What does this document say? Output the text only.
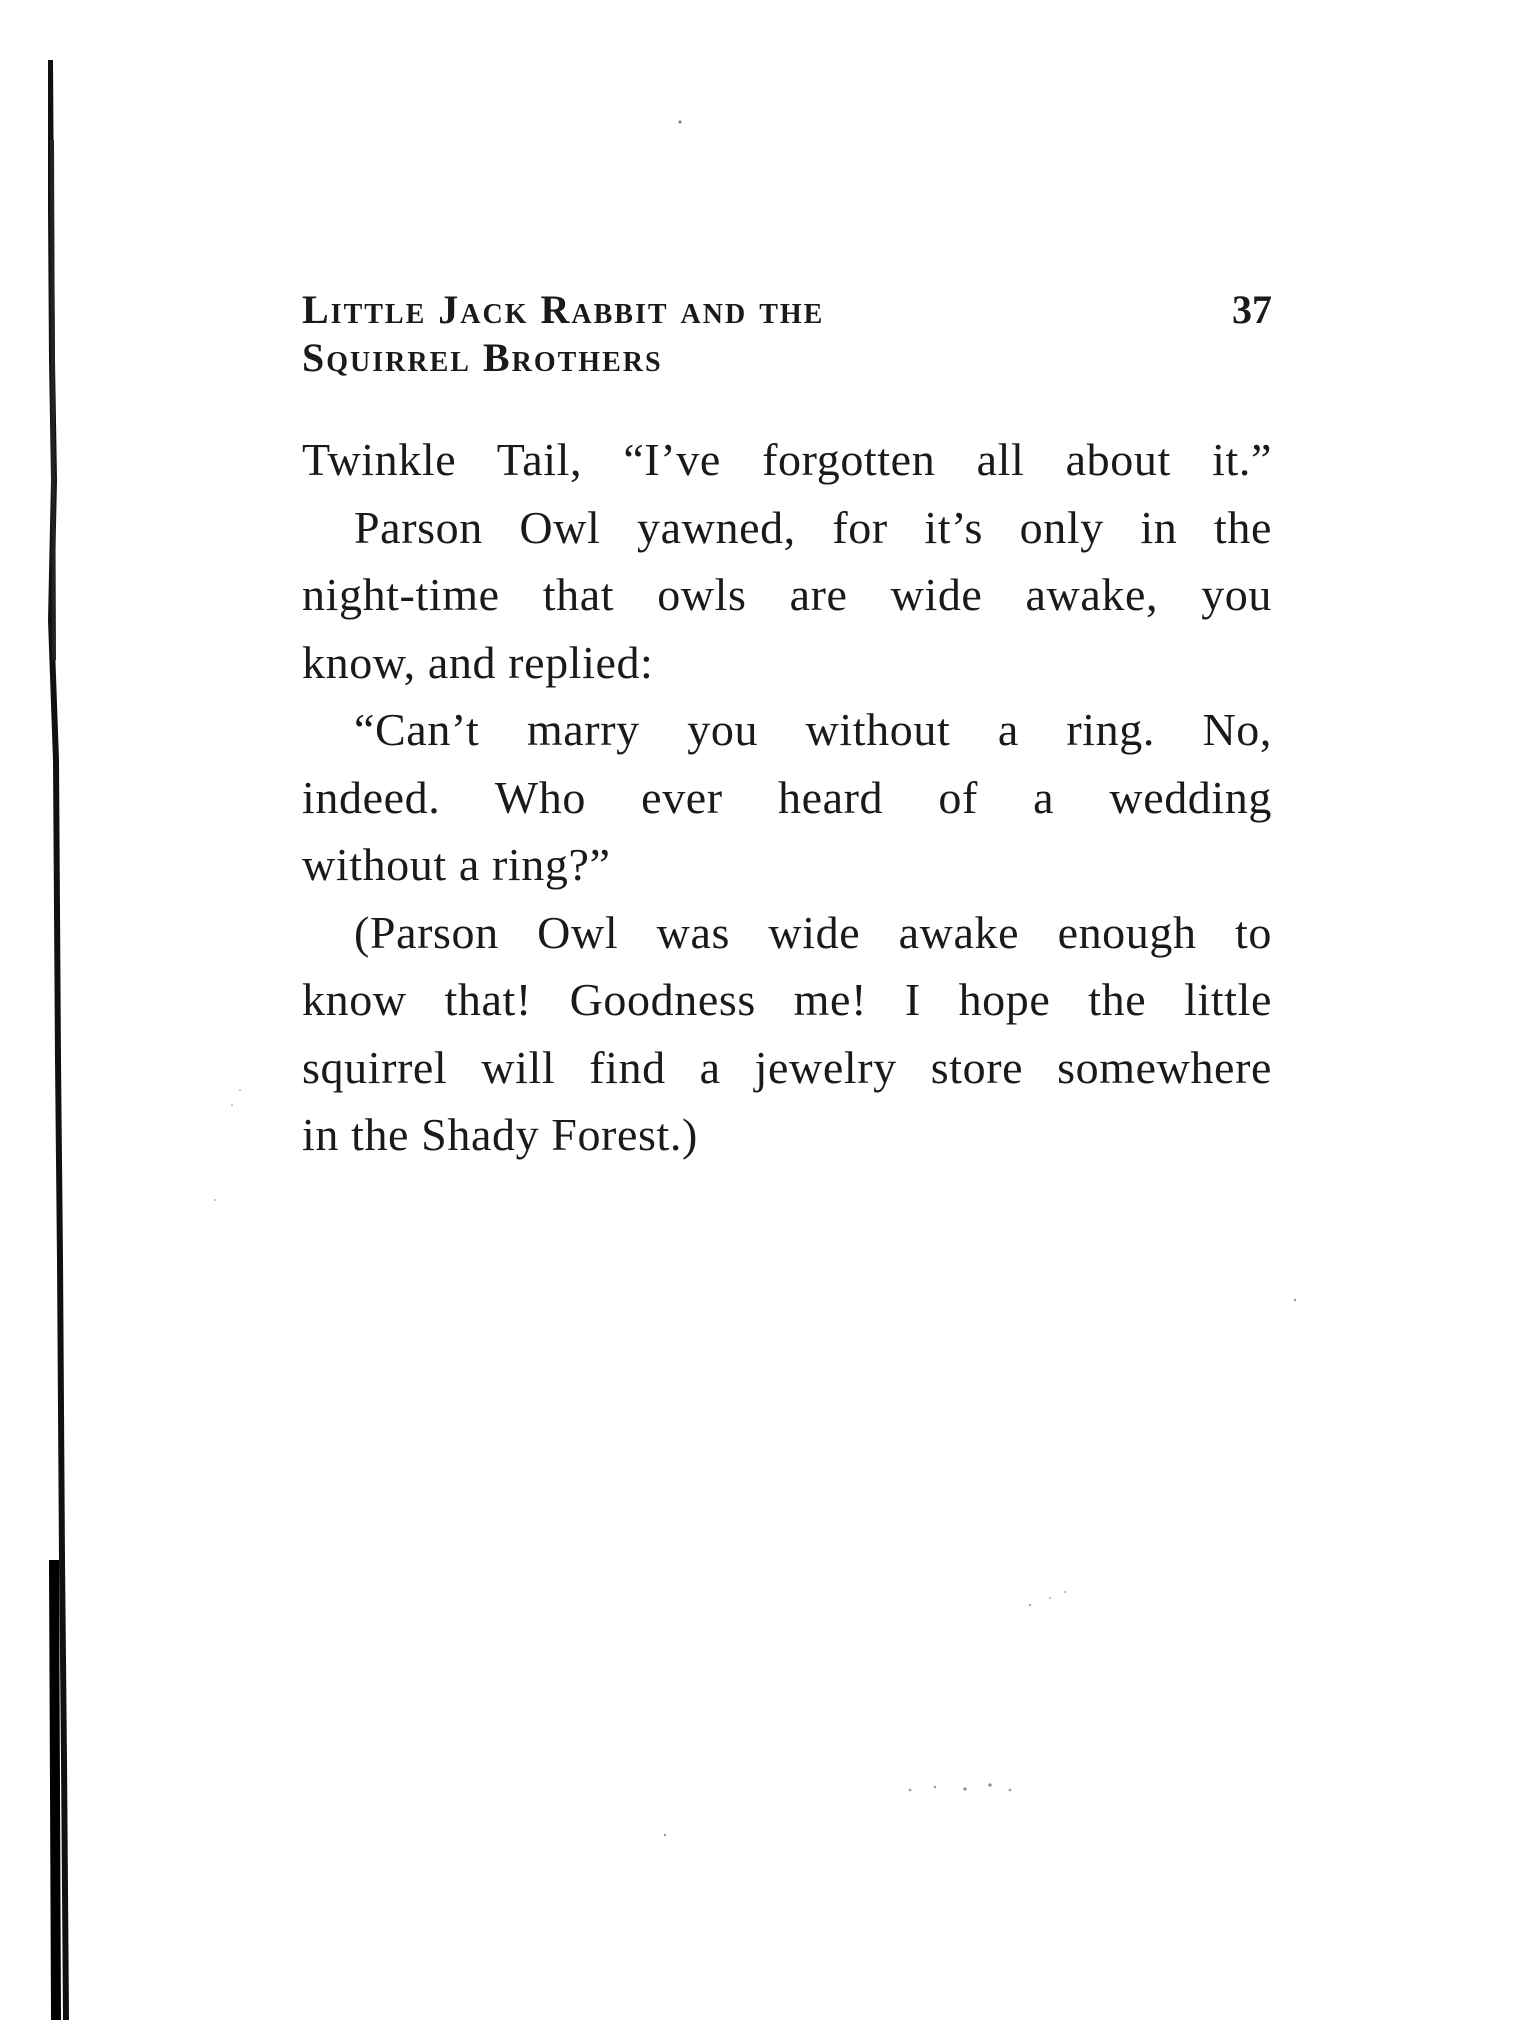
Little Jack Rabbit and the
Squirrel Brothers
37
Twinkle Tail, “I’ve forgotten all about it.”
Parson Owl yawned, for it’s only in the
night-time that owls are wide awake, you
know, and replied:
“Can’t marry you without a ring. No,
indeed. Who ever heard of a wedding
without a ring?”
(Parson Owl was wide awake enough to
know that! Goodness me! I hope the little
squirrel will find a jewelry store somewhere
in the Shady Forest.)
